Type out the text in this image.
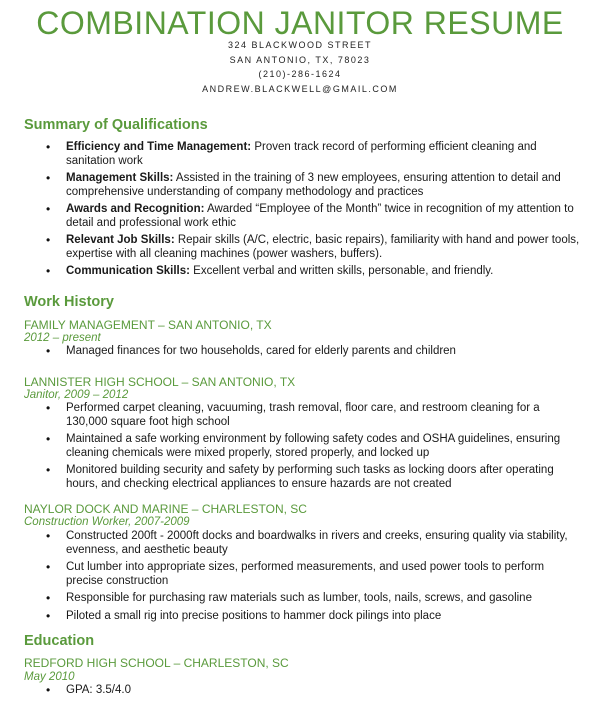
COMBINATION JANITOR RESUME
324 BLACKWOOD STREET
SAN ANTONIO, TX, 78023
(210)-286-1624
ANDREW.BLACKWELL@GMAIL.COM
Summary of Qualifications
• Efficiency and Time Management: Proven track record of performing efficient cleaning and sanitation work
• Management Skills: Assisted in the training of 3 new employees, ensuring attention to detail and comprehensive understanding of company methodology and practices
• Awards and Recognition: Awarded “Employee of the Month” twice in recognition of my attention to detail and professional work ethic
• Relevant Job Skills: Repair skills (A/C, electric, basic repairs), familiarity with hand and power tools, expertise with all cleaning machines (power washers, buffers).
• Communication Skills: Excellent verbal and written skills, personable, and friendly.
Work History
FAMILY MANAGEMENT – SAN ANTONIO, TX
2012 – present
• Managed finances for two households, cared for elderly parents and children
LANNISTER HIGH SCHOOL – SAN ANTONIO, TX
Janitor, 2009 – 2012
• Performed carpet cleaning, vacuuming, trash removal, floor care, and restroom cleaning for a 130,000 square foot high school
• Maintained a safe working environment by following safety codes and OSHA guidelines, ensuring cleaning chemicals were mixed properly, stored properly, and locked up
• Monitored building security and safety by performing such tasks as locking doors after operating hours, and checking electrical appliances to ensure hazards are not created
NAYLOR DOCK AND MARINE – CHARLESTON, SC
Construction Worker, 2007-2009
• Constructed 200ft - 2000ft docks and boardwalks in rivers and creeks, ensuring quality via stability, evenness, and aesthetic beauty
• Cut lumber into appropriate sizes, performed measurements, and used power tools to perform precise construction
• Responsible for purchasing raw materials such as lumber, tools, nails, screws, and gasoline
• Piloted a small rig into precise positions to hammer dock pilings into place
Education
REDFORD HIGH SCHOOL – CHARLESTON, SC
May 2010
• GPA: 3.5/4.0
